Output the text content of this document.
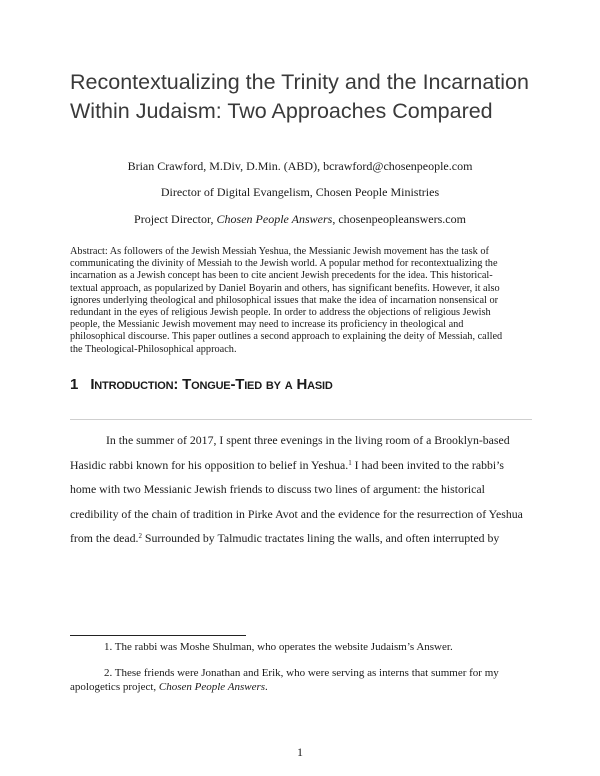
Recontextualizing the Trinity and the Incarnation
Within Judaism: Two Approaches Compared
Brian Crawford, M.Div, D.Min. (ABD), bcrawford@chosenpeople.com
Director of Digital Evangelism, Chosen People Ministries
Project Director, Chosen People Answers, chosenpeopleanswers.com
Abstract: As followers of the Jewish Messiah Yeshua, the Messianic Jewish movement has the task of
communicating the divinity of Messiah to the Jewish world. A popular method for recontextualizing the
incarnation as a Jewish concept has been to cite ancient Jewish precedents for the idea. This historical-
textual approach, as popularized by Daniel Boyarin and others, has significant benefits. However, it also
ignores underlying theological and philosophical issues that make the idea of incarnation nonsensical or
redundant in the eyes of religious Jewish people. In order to address the objections of religious Jewish
people, the Messianic Jewish movement may need to increase its proficiency in theological and
philosophical discourse. This paper outlines a second approach to explaining the deity of Messiah, called
the Theological-Philosophical approach.
1 Introduction: Tongue-Tied by a Hasid
In the summer of 2017, I spent three evenings in the living room of a Brooklyn-based
Hasidic rabbi known for his opposition to belief in Yeshua.$^1$ I had been invited to the rabbi’s
home with two Messianic Jewish friends to discuss two lines of argument: the historical
credibility of the chain of tradition in Pirke Avot and the evidence for the resurrection of Yeshua
from the dead.$^2$ Surrounded by Talmudic tractates lining the walls, and often interrupted by
1. The rabbi was Moshe Shulman, who operates the website Judaism’s Answer.
2. These friends were Jonathan and Erik, who were serving as interns that summer for my
apologetics project, Chosen People Answers.
1
